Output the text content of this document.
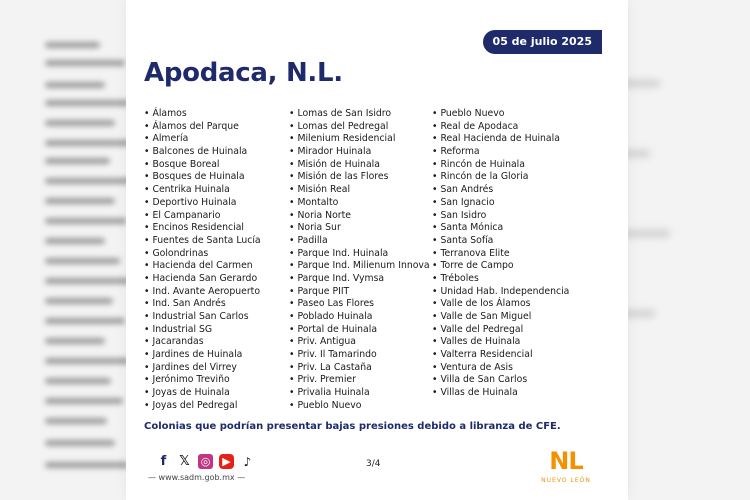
05 de julio 2025
Apodaca, N.L.
• Álamos
• Álamos del Parque
• Almería
• Balcones de Huinala
• Bosque Boreal
• Bosques de Huinala
• Centrika Huinala
• Deportivo Huinala
• El Campanario
• Encinos Residencial
• Fuentes de Santa Lucía
• Golondrinas
• Hacienda del Carmen
• Hacienda San Gerardo
• Ind. Avante Aeropuerto
• Ind. San Andrés
• Industrial San Carlos
• Industrial SG
• Jacarandas
• Jardines de Huinala
• Jardines del Virrey
• Jerónimo Treviño
• Joyas de Huinala
• Joyas del Pedregal
• Lomas de San Isidro
• Lomas del Pedregal
• Milenium Residencial
• Mirador Huinala
• Misión de Huinala
• Misión de las Flores
• Misión Real
• Montalto
• Noria Norte
• Noria Sur
• Padilla
• Parque Ind. Huinala
• Parque Ind. Milienum Innova
• Parque Ind. Vymsa
• Parque PIIT
• Paseo Las Flores
• Poblado Huinala
• Portal de Huinala
• Priv. Antigua
• Priv. Il Tamarindo
• Priv. La Castaña
• Priv. Premier
• Privalia Huinala
• Pueblo Nuevo
• Pueblo Nuevo
• Real de Apodaca
• Real Hacienda de Huinala
• Reforma
• Rincón de Huinala
• Rincón de la Gloria
• San Andrés
• San Ignacio
• San Isidro
• Santa Mónica
• Santa Sofía
• Terranova Elite
• Torre de Campo
• Tréboles
• Unidad Hab. Independencia
• Valle de los Álamos
• Valle de San Miguel
• Valle del Pedregal
• Valles de Huinala
• Valterra Residencial
• Ventura de Asis
• Villa de San Carlos
• Villas de Huinala
Colonias que podrían presentar bajas presiones debido a libranza de CFE.
f 𝕏 ◎ ▶	♪
— www.sadm.gob.mx —
3/4	NL
NUEVO LEÓN
